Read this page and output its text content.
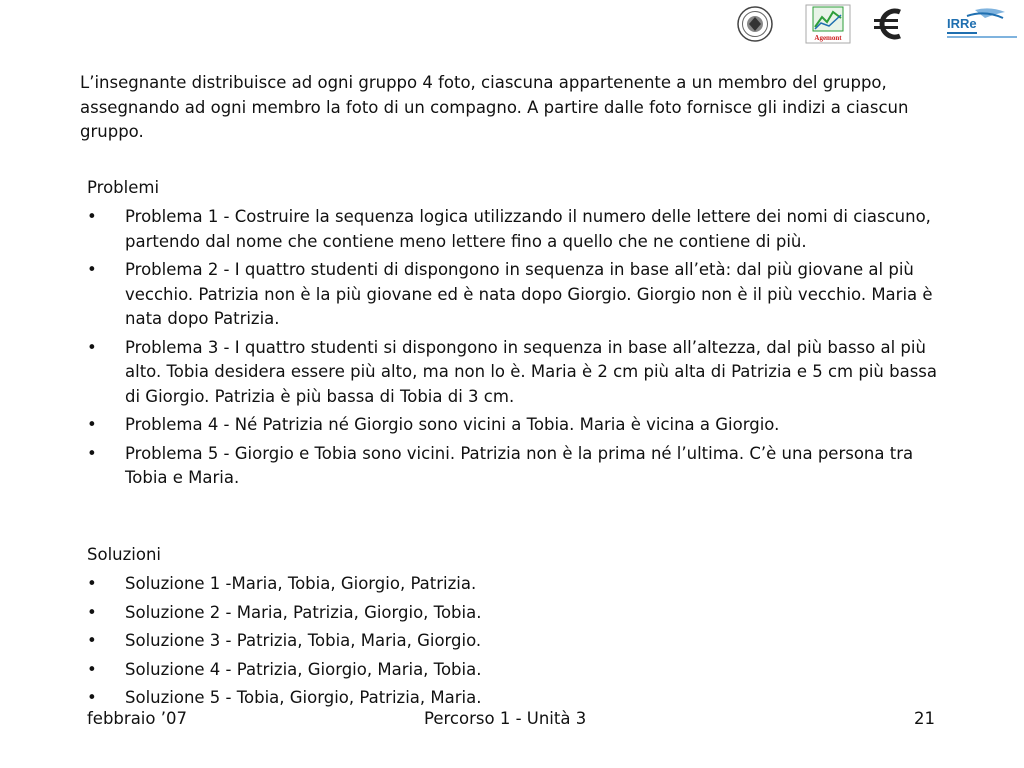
Agemont
IRRe

L’insegnante distribuisce ad ogni gruppo 4 foto, ciascuna appartenente a un membro del gruppo, assegnando ad ogni membro la foto di un compagno. A partire dalle foto fornisce gli indizi a ciascun gruppo.

Problemi

• Problema 1 - Costruire la sequenza logica utilizzando il numero delle lettere dei nomi di ciascuno, partendo dal nome che contiene meno lettere fino a quello che ne contiene di più.
• Problema 2 - I quattro studenti di dispongono in sequenza in base all’età: dal più giovane al più vecchio. Patrizia non è la più giovane ed è nata dopo Giorgio. Giorgio non è il più vecchio. Maria è nata dopo Patrizia.
• Problema 3 - I quattro studenti si dispongono in sequenza in base all’altezza, dal più basso al più alto. Tobia desidera essere più alto, ma non lo è. Maria è 2 cm più alta di Patrizia e 5 cm più bassa di Giorgio. Patrizia è più bassa di Tobia di 3 cm.
• Problema 4 - Né Patrizia né Giorgio sono vicini a Tobia. Maria è vicina a Giorgio.
• Problema 5 - Giorgio e Tobia sono vicini. Patrizia non è la prima né l’ultima. C’è una persona tra Tobia e Maria.

Soluzioni

• Soluzione 1 -Maria, Tobia, Giorgio, Patrizia.
• Soluzione 2 - Maria, Patrizia, Giorgio, Tobia.
• Soluzione 3 - Patrizia, Tobia, Maria, Giorgio.
• Soluzione 4 - Patrizia, Giorgio, Maria, Tobia.
• Soluzione 5 - Tobia, Giorgio, Patrizia, Maria.
febbraio ’07	Percorso 1 - Unità 3	21
